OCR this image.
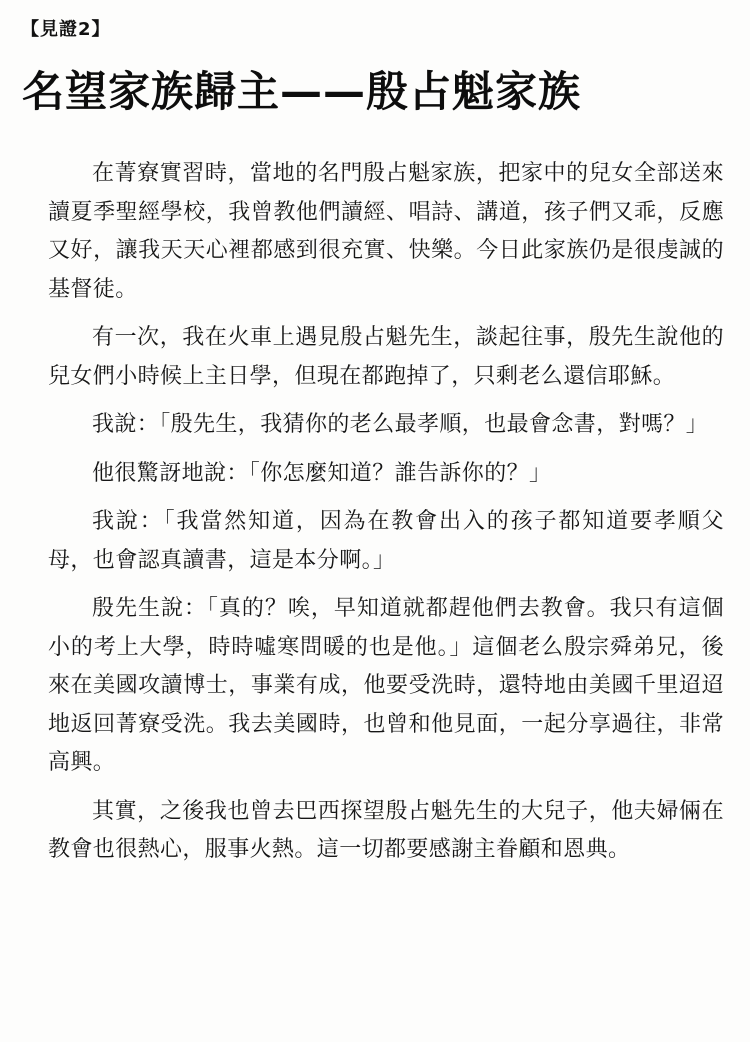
【見證2】
名望家族歸主——殷占魁家族

在菁寮實習時，當地的名門殷占魁家族，把家中的兒女全部送來讀夏季聖經學校，我曾教他們讀經、唱詩、講道，孩子們又乖，反應又好，讓我天天心裡都感到很充實、快樂。今日此家族仍是很虔誠的基督徒。

有一次，我在火車上遇見殷占魁先生，談起往事，殷先生說他的兒女們小時候上主日學，但現在都跑掉了，只剩老么還信耶穌。

我說：「殷先生，我猜你的老么最孝順，也最會念書，對嗎？」

他很驚訝地說：「你怎麼知道？誰告訴你的？」

我說：「我當然知道，因為在教會出入的孩子都知道要孝順父母，也會認真讀書，這是本分啊。」

殷先生說：「真的？唉，早知道就都趕他們去教會。我只有這個小的考上大學，時時噓寒問暖的也是他。」這個老么殷宗舜弟兄，後來在美國攻讀博士，事業有成，他要受洗時，還特地由美國千里迢迢地返回菁寮受洗。我去美國時，也曾和他見面，一起分享過往，非常高興。

其實，之後我也曾去巴西探望殷占魁先生的大兒子，他夫婦倆在教會也很熱心，服事火熱。這一切都要感謝主眷顧和恩典。
